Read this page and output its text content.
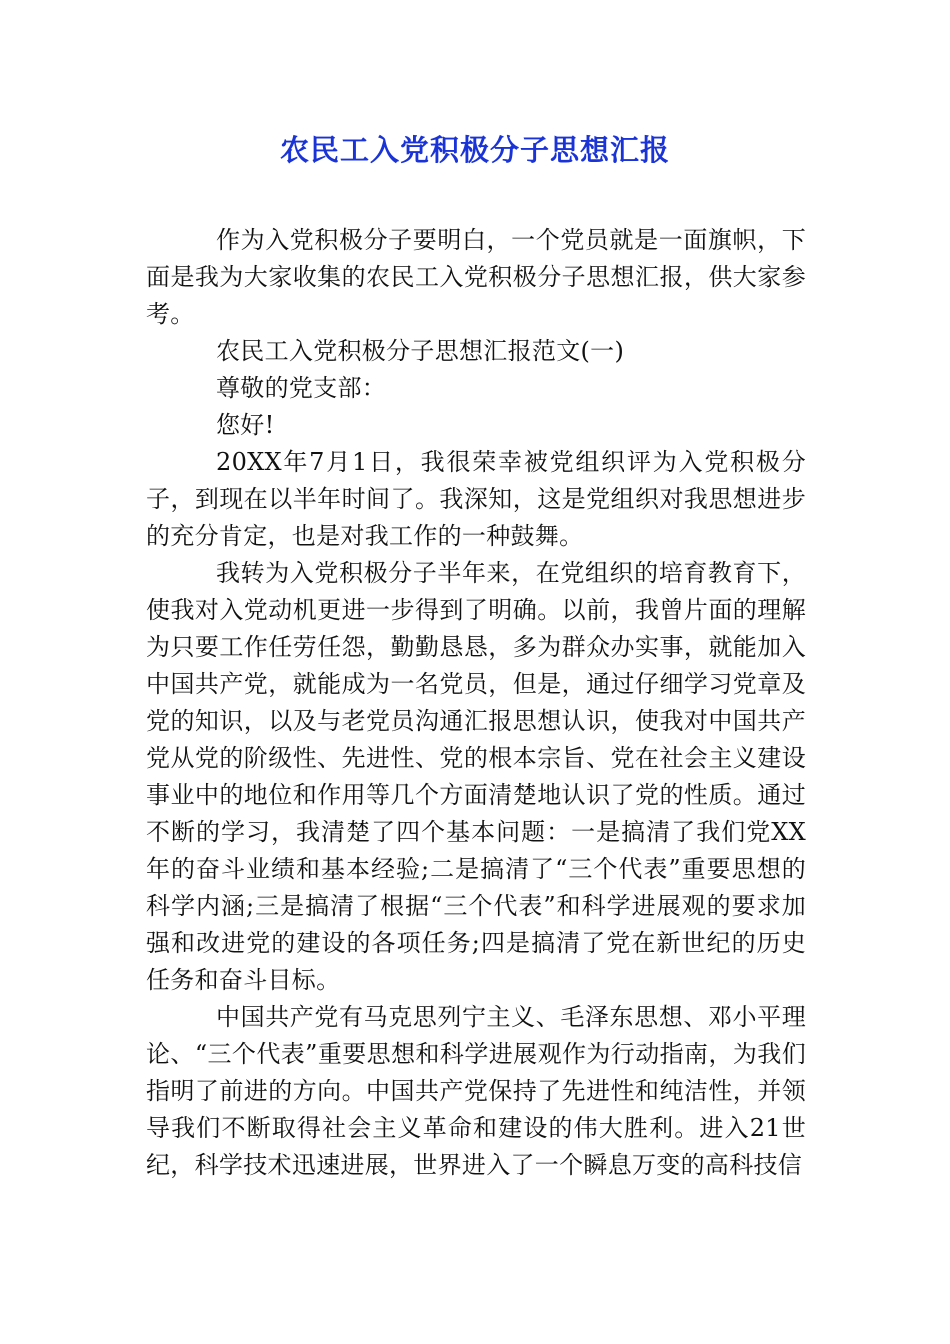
农民工入党积极分子思想汇报

作为入党积极分子要明白，一个党员就是一面旗帜，下面是我为大家收集的农民工入党积极分子思想汇报，供大家参考。

农民工入党积极分子思想汇报范文(一)

尊敬的党支部：

您好!

20XX年7月1日，我很荣幸被党组织评为入党积极分子，到现在以半年时间了。我深知，这是党组织对我思想进步的充分肯定，也是对我工作的一种鼓舞。

我转为入党积极分子半年来，在党组织的培育教育下，使我对入党动机更进一步得到了明确。以前，我曾片面的理解为只要工作任劳任怨，勤勤恳恳，多为群众办实事，就能加入中国共产党，就能成为一名党员，但是，通过仔细学习党章及党的知识，以及与老党员沟通汇报思想认识，使我对中国共产党从党的阶级性、先进性、党的根本宗旨、党在社会主义建设事业中的地位和作用等几个方面清楚地认识了党的性质。通过不断的学习，我清楚了四个基本问题：一是搞清了我们党XX年的奋斗业绩和基本经验;二是搞清了“三个代表”重要思想的科学内涵;三是搞清了根据“三个代表”和科学进展观的要求加强和改进党的建设的各项任务;四是搞清了党在新世纪的历史任务和奋斗目标。

中国共产党有马克思列宁主义、毛泽东思想、邓小平理论、“三个代表”重要思想和科学进展观作为行动指南，为我们指明了前进的方向。中国共产党保持了先进性和纯洁性，并领导我们不断取得社会主义革命和建设的伟大胜利。进入21世纪，科学技术迅速进展，世界进入了一个瞬息万变的高科技信
